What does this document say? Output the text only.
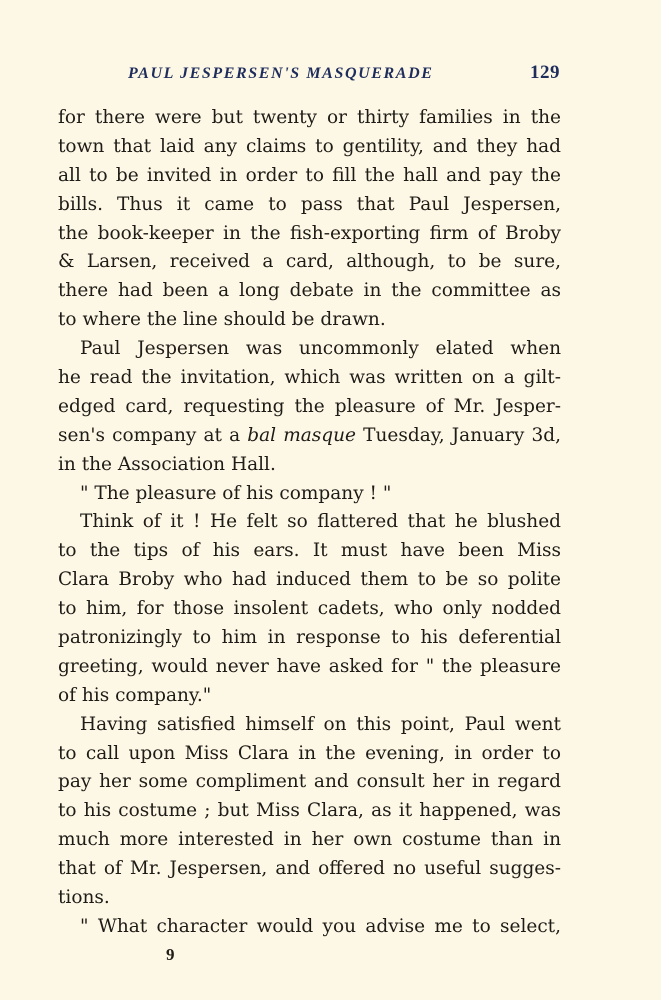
PAUL JESPERSEN'S MASQUERADE	129
for there were but twenty or thirty families in the
town that laid any claims to gentility, and they had
all to be invited in order to fill the hall and pay the
bills. Thus it came to pass that Paul Jespersen,
the book-keeper in the fish-exporting firm of Broby
& Larsen, received a card, although, to be sure,
there had been a long debate in the committee as
to where the line should be drawn.
Paul Jespersen was uncommonly elated when
he read the invitation, which was written on a gilt-
edged card, requesting the pleasure of Mr. Jesper-
sen's company at a bal masque Tuesday, January 3d,
in the Association Hall.
" The pleasure of his company ! "
Think of it ! He felt so flattered that he blushed
to the tips of his ears. It must have been Miss
Clara Broby who had induced them to be so polite
to him, for those insolent cadets, who only nodded
patronizingly to him in response to his deferential
greeting, would never have asked for " the pleasure
of his company."
Having satisfied himself on this point, Paul went
to call upon Miss Clara in the evening, in order to
pay her some compliment and consult her in regard
to his costume ; but Miss Clara, as it happened, was
much more interested in her own costume than in
that of Mr. Jespersen, and offered no useful sugges-
tions.
" What character would you advise me to select,
9
